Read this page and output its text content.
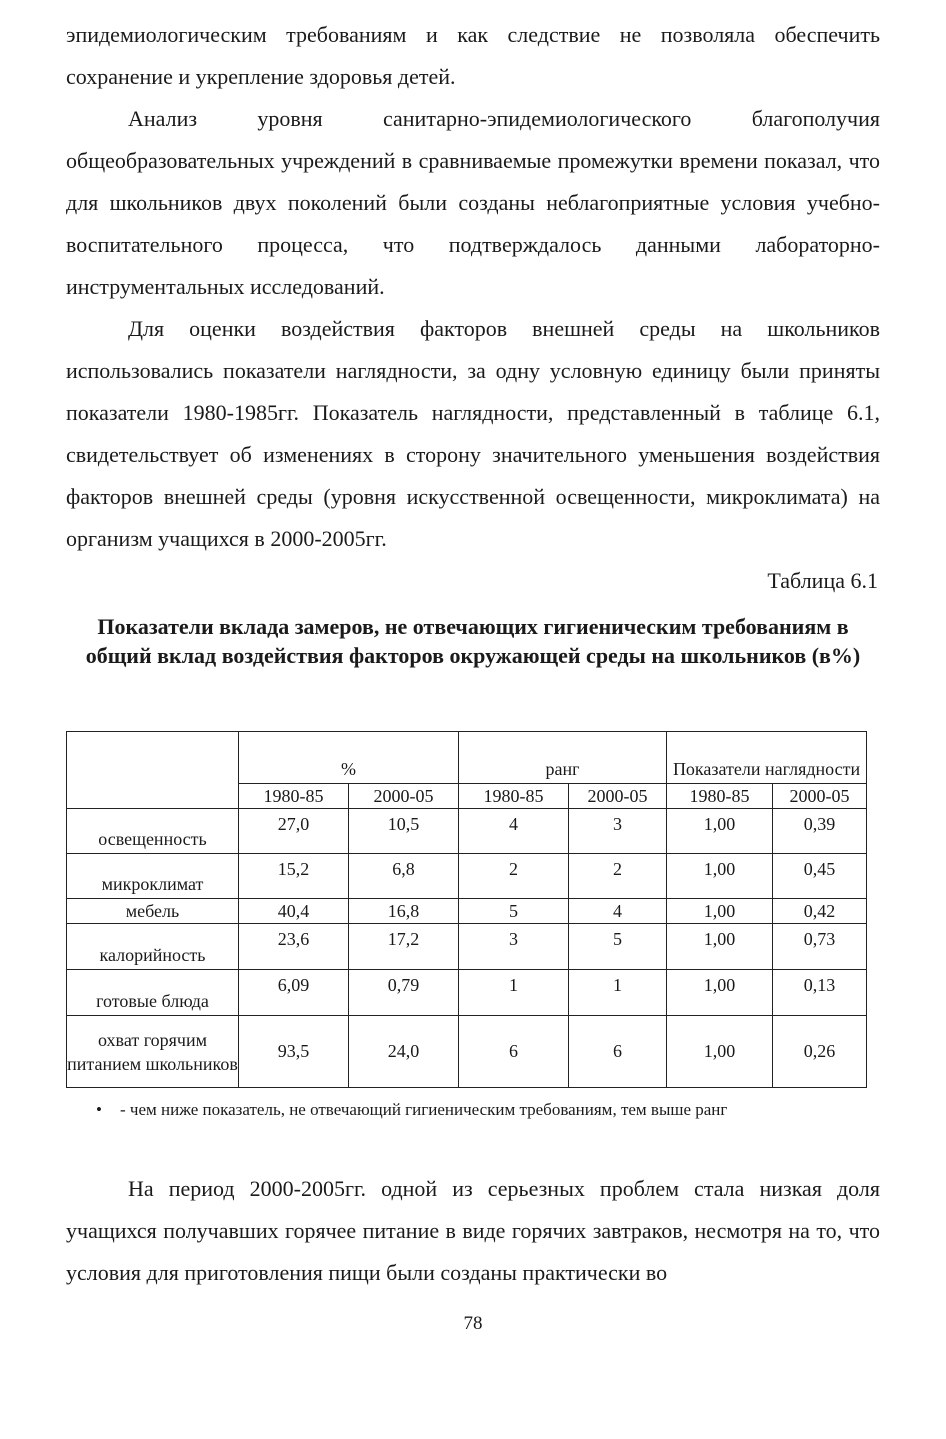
эпидемиологическим требованиям и как следствие не позволяла обеспечить сохранение и укрепление здоровья детей.

Анализ уровня санитарно-эпидемиологического благополучия общеобразовательных учреждений в сравниваемые промежутки времени показал, что для школьников двух поколений были созданы неблагоприятные условия учебно-воспитательного процесса, что подтверждалось данными лабораторно-инструментальных исследований.

Для оценки воздействия факторов внешней среды на школьников использовались показатели наглядности, за одну условную единицу были приняты показатели 1980-1985гг. Показатель наглядности, представленный в таблице 6.1, свидетельствует об изменениях в сторону значительного уменьшения воздействия факторов внешней среды (уровня искусственной освещенности, микроклимата) на организм учащихся в 2000-2005гг.

Таблица 6.1

Показатели вклада замеров, не отвечающих гигиеническим требованиям в общий вклад воздействия факторов окружающей среды на школьников (в%)

	%		ранг		Показатели наглядности	
	1980-85	2000-05	1980-85	2000-05	1980-85	2000-05
освещенность	27,0	10,5	4	3	1,00	0,39
микроклимат	15,2	6,8	2	2	1,00	0,45
мебель	40,4	16,8	5	4	1,00	0,42
калорийность	23,6	17,2	3	5	1,00	0,73
готовые блюда	6,09	0,79	1	1	1,00	0,13
охват горячим питанием школьников	93,5	24,0	6	6	1,00	0,26
• - чем ниже показатель, не отвечающий гигиеническим требованиям, тем выше ранг

На период 2000-2005гг. одной из серьезных проблем стала низкая доля учащихся получавших горячее питание в виде горячих завтраков, несмотря на то, что условия для приготовления пищи были созданы практически во

78
